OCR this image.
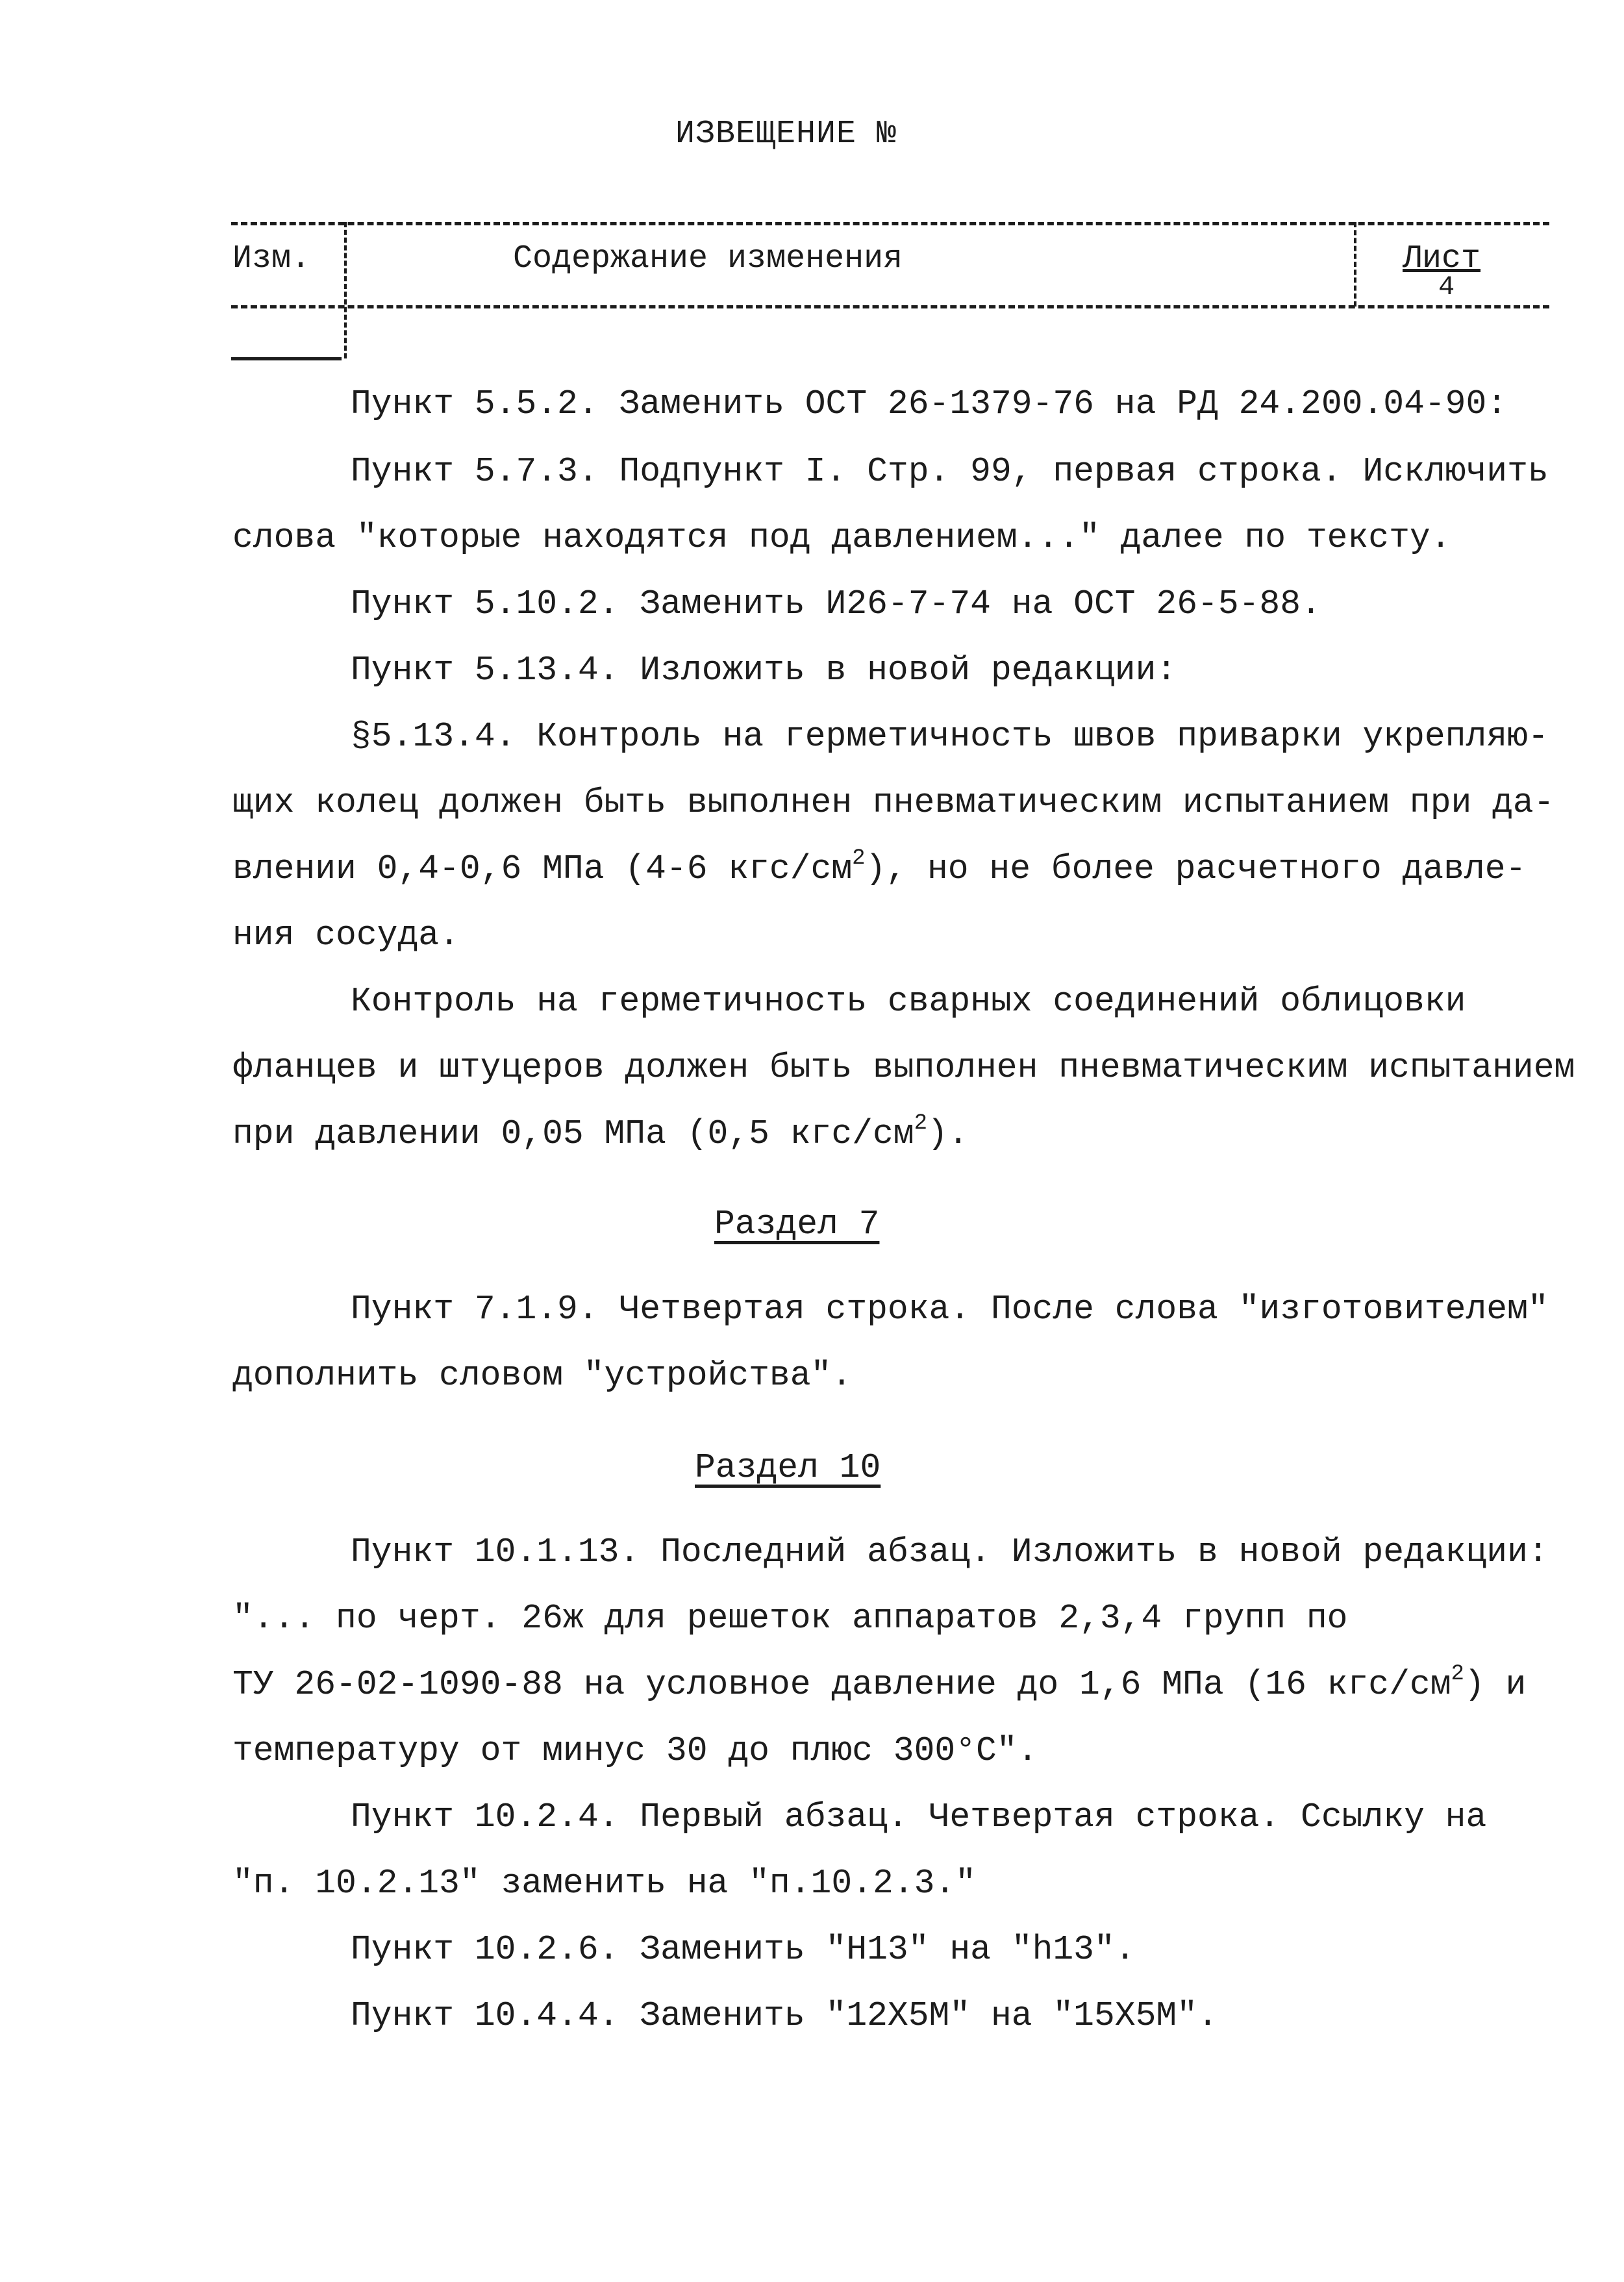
ИЗВЕЩЕНИЕ №
Изм.	Содержание изменения	Лист
4
Пункт 5.5.2. Заменить ОСТ 26-1379-76 на РД 24.200.04-90:
Пункт 5.7.3. Подпункт I. Стр. 99, первая строка. Исключить
слова "которые находятся под давлением..." далее по тексту.
Пункт 5.10.2. Заменить И26-7-74 на ОСТ 26-5-88.
Пункт 5.13.4. Изложить в новой редакции:
§5.13.4. Контроль на герметичность швов приварки укрепляю-
щих колец должен быть выполнен пневматическим испытанием при да-
влении 0,4-0,6 МПа (4-6 кгс/$см^2$), но не более расчетного давле-
ния сосуда.
Контроль на герметичность сварных соединений облицовки
фланцев и штуцеров должен быть выполнен пневматическим испытанием
при давлении 0,05 МПа (0,5 кгс/$см^2$).
Раздел 7
Пункт 7.1.9. Четвертая строка. После слова "изготовителем"
дополнить словом "устройства".
Раздел 10
Пункт 10.1.13. Последний абзац. Изложить в новой редакции:
"... по черт. 26ж для решеток аппаратов 2,3,4 групп по
ТУ 26-02-1090-88 на условное давление до 1,6 МПа (16 кгс/$см^2$) и
температуру от минус 30 до плюс 300°С".
Пункт 10.2.4. Первый абзац. Четвертая строка. Ссылку на
"п. 10.2.13" заменить на "п.10.2.3."
Пункт 10.2.6. Заменить "Н13" на "h13".
Пункт 10.4.4. Заменить "12Х5М" на "15Х5М".
